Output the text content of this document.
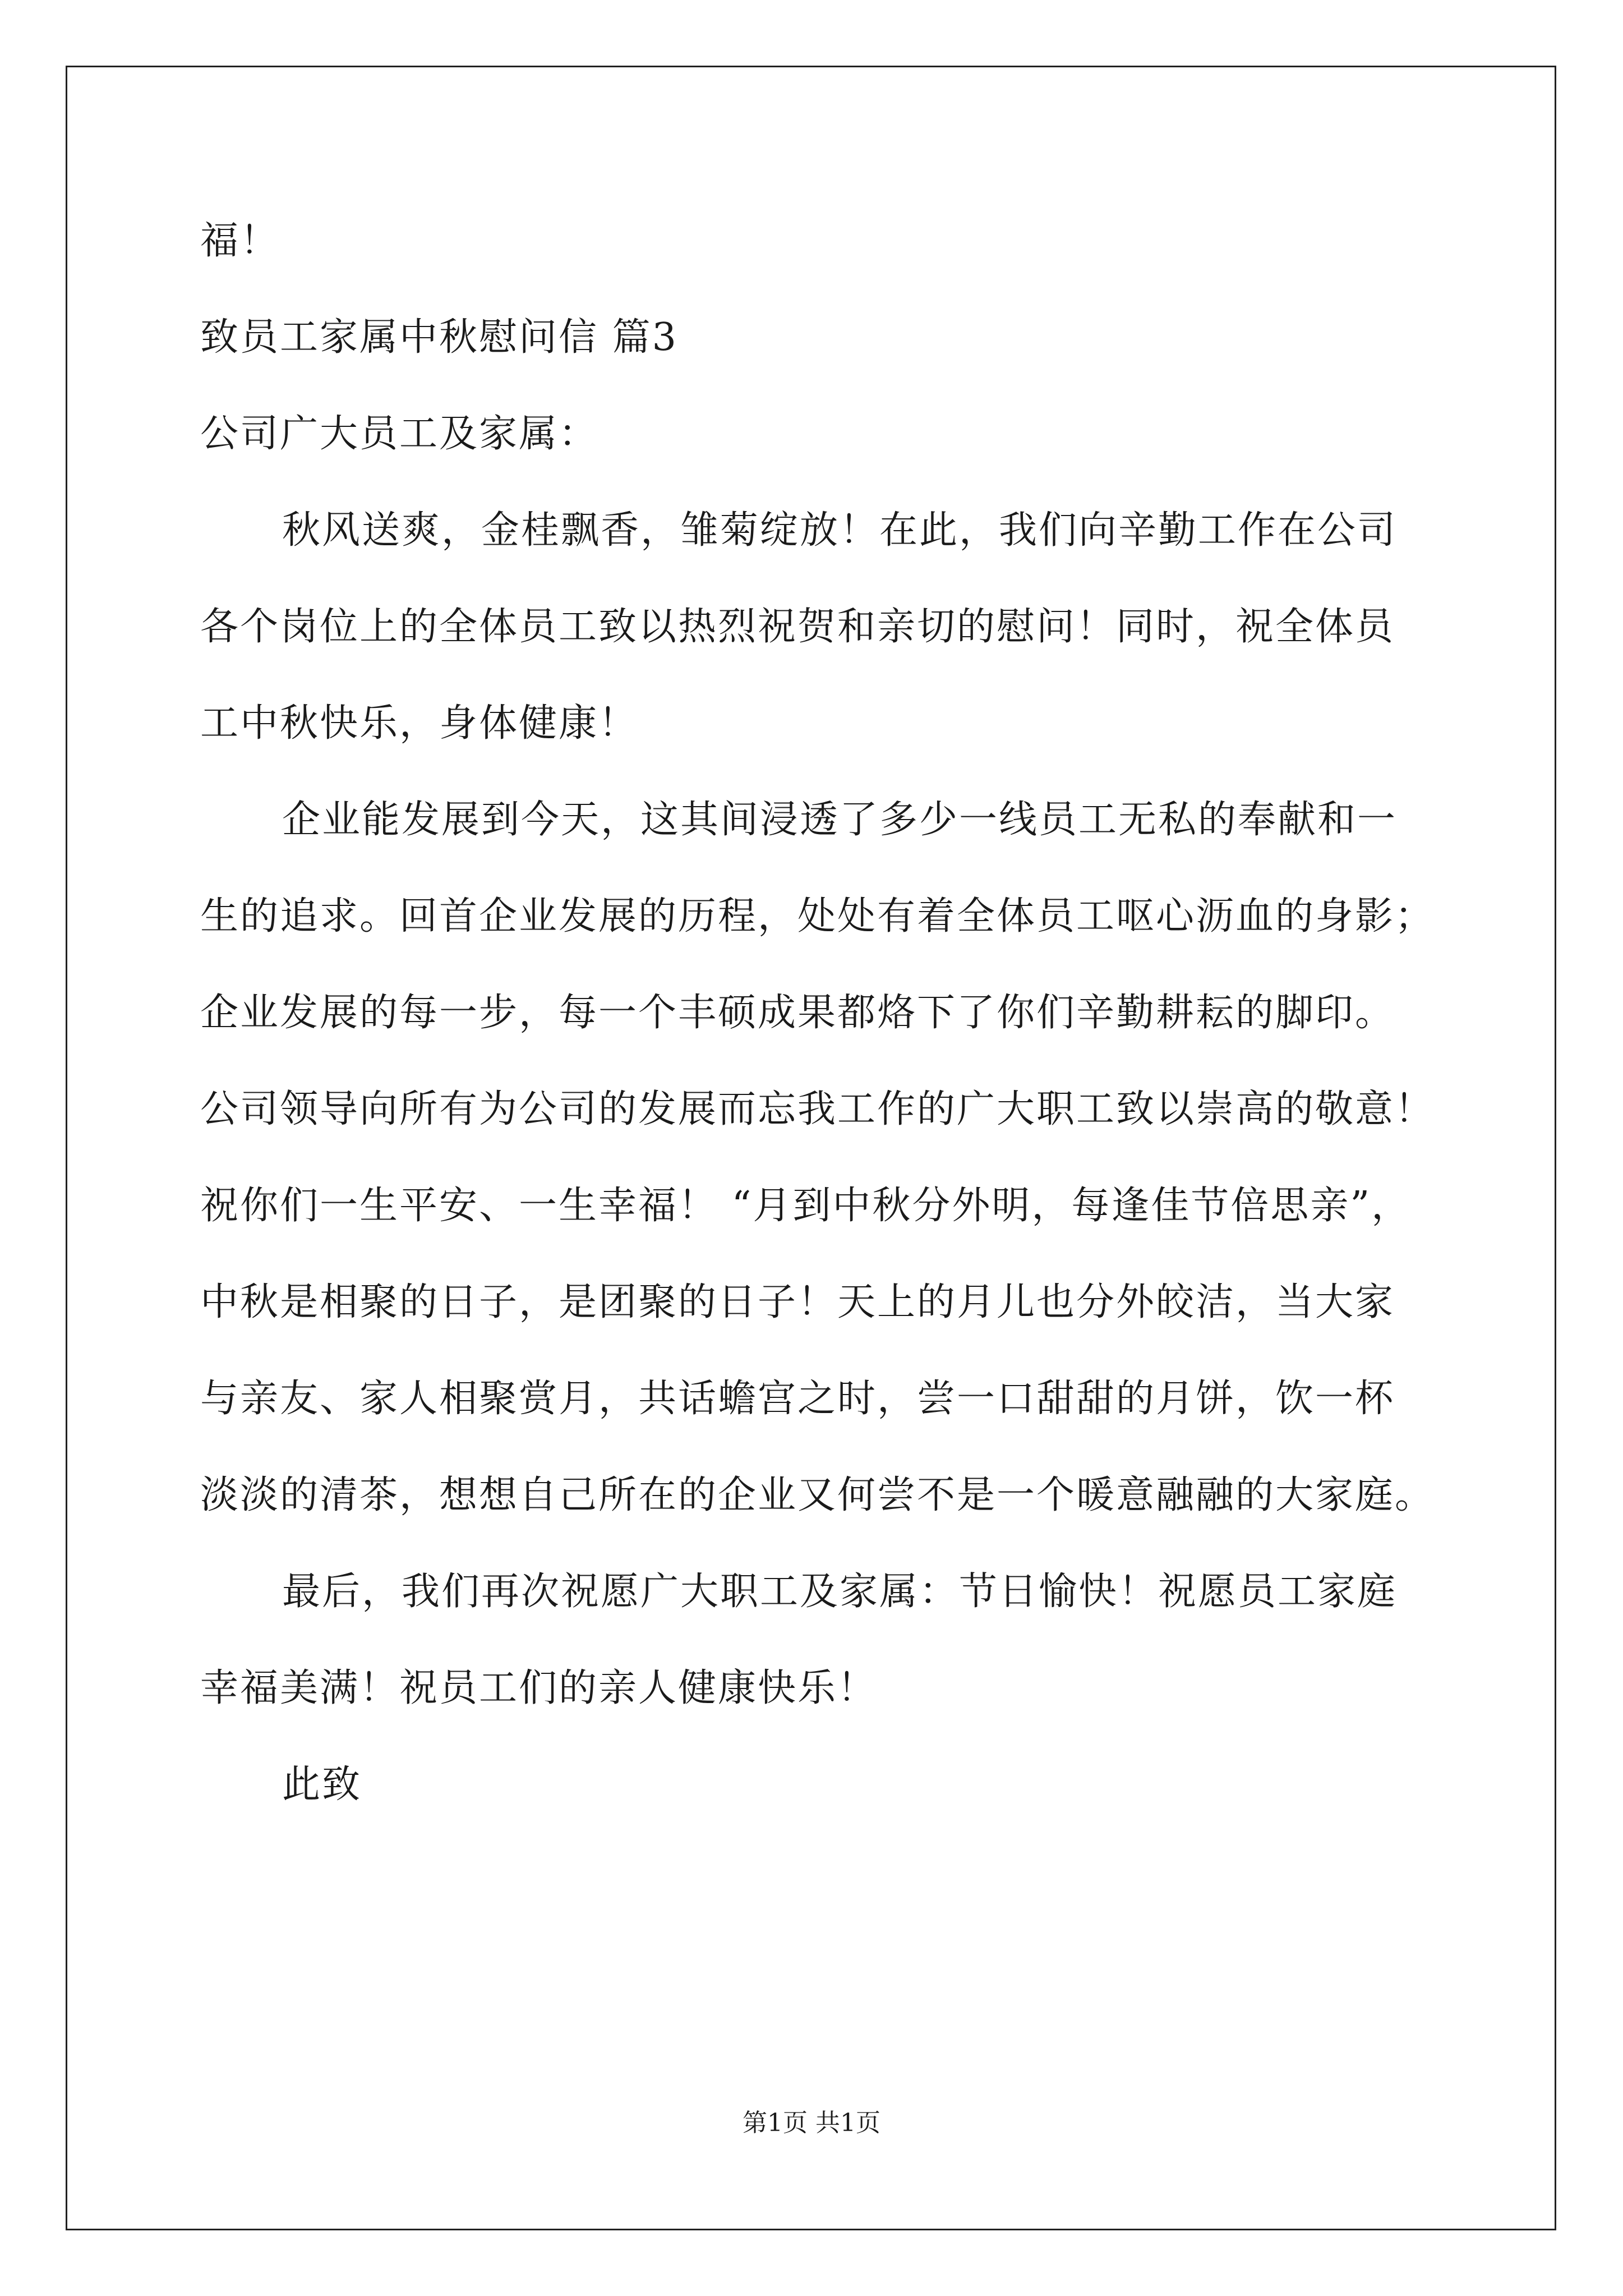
福！
致员工家属中秋慰问信 篇3
公司广大员工及家属：
秋风送爽，金桂飘香，雏菊绽放！在此，我们向辛勤工作在公司
各个岗位上的全体员工致以热烈祝贺和亲切的慰问！同时，祝全体员
工中秋快乐，身体健康！
企业能发展到今天，这其间浸透了多少一线员工无私的奉献和一
生的追求。回首企业发展的历程，处处有着全体员工呕心沥血的身影；
企业发展的每一步，每一个丰硕成果都烙下了你们辛勤耕耘的脚印。
公司领导向所有为公司的发展而忘我工作的广大职工致以崇高的敬意！
祝你们一生平安、一生幸福！ “月到中秋分外明，每逢佳节倍思亲”，
中秋是相聚的日子，是团聚的日子！天上的月儿也分外皎洁，当大家
与亲友、家人相聚赏月，共话蟾宫之时，尝一口甜甜的月饼，饮一杯
淡淡的清茶，想想自己所在的企业又何尝不是一个暖意融融的大家庭。
最后，我们再次祝愿广大职工及家属：节日愉快！祝愿员工家庭
幸福美满！祝员工们的亲人健康快乐！
此致
第1页 共1页
